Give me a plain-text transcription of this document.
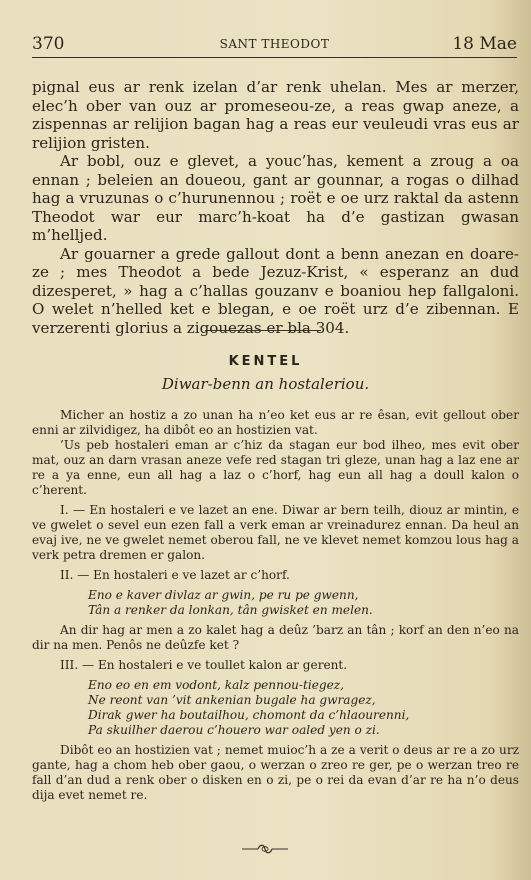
370	SANT THEODOT	18 Mae

pignal eus ar renk izelan d’ar renk uhelan. Mes ar merzer, elec’h ober van ouz ar promeseou-ze, a reas gwap aneze, a zispennas ar relijion bagan hag a reas eur veuleudi vras eus ar relijion gristen.

Ar bobl, ouz e glevet, a youc’has, kement a zroug a oa ennan ; beleien an doueou, gant ar gounnar, a rogas o dilhad hag a vruzunas o c’hurunennou ; roët e oe urz raktal da astenn Theodot war eur marc’h-koat ha d’e gastizan gwasan m’helljed.

Ar gouarner a grede gallout dont a benn anezan en doare-ze ; mes Theodot a bede Jezuz-Krist, « esperanz an dud dizesperet, » hag a c’hallas gouzanv e boaniou hep fallgaloni. O welet n’helled ket e blegan, e oe roët urz d’e zibennan. E verzerenti glorius a zigouezas er bla 304.

KENTEL
Diwar-benn an hostaleriou.

Micher an hostiz a zo unan ha n’eo ket eus ar re êsan, evit gellout ober enni ar zilvidigez, ha dibôt eo an hostizien vat.

’Us peb hostaleri eman ar c’hiz da stagan eur bod ilheo, mes evit ober mat, ouz an darn vrasan aneze vefe red stagan tri gleze, unan hag a laz ene ar re a ya enne, eun all hag a laz o c’horf, hag eun all hag a doull kalon o c’herent.

I. — En hostaleri e ve lazet an ene. Diwar ar bern teilh, diouz ar mintin, e ve gwelet o sevel eun ezen fall a verk eman ar vreinadurez ennan. Da heul an evaj ive, ne ve gwelet nemet oberou fall, ne ve klevet nemet komzou lous hag a verk petra dremen er galon.

II. — En hostaleri e ve lazet ar c’horf.

Eno e kaver divlaz ar gwin, pe ru pe gwenn,
Tân a renker da lonkan, tân gwisket en melen.

An dir hag ar men a zo kalet hag a deûz ’barz an tân ; korf an den n’eo na dir na men. Penôs ne deûzfe ket ?

III. — En hostaleri e ve toullet kalon ar gerent.

Eno eo en em vodont, kalz pennou-tiegez,
Ne reont van ’vit ankenian bugale ha gwragez,
Dirak gwer ha boutailhou, chomont da c’hlaourenni,
Pa skuilher daerou c’houero war oaled yen o zi.

Dibôt eo an hostizien vat ; nemet muioc’h a ze a verit o deus ar re a zo urz gante, hag a chom heb ober gaou, o werzan o zreo re ger, pe o werzan treo re fall d’an dud a renk ober o disken en o zi, pe o rei da evan d’ar re ha n’o deus dija evet nemet re.
